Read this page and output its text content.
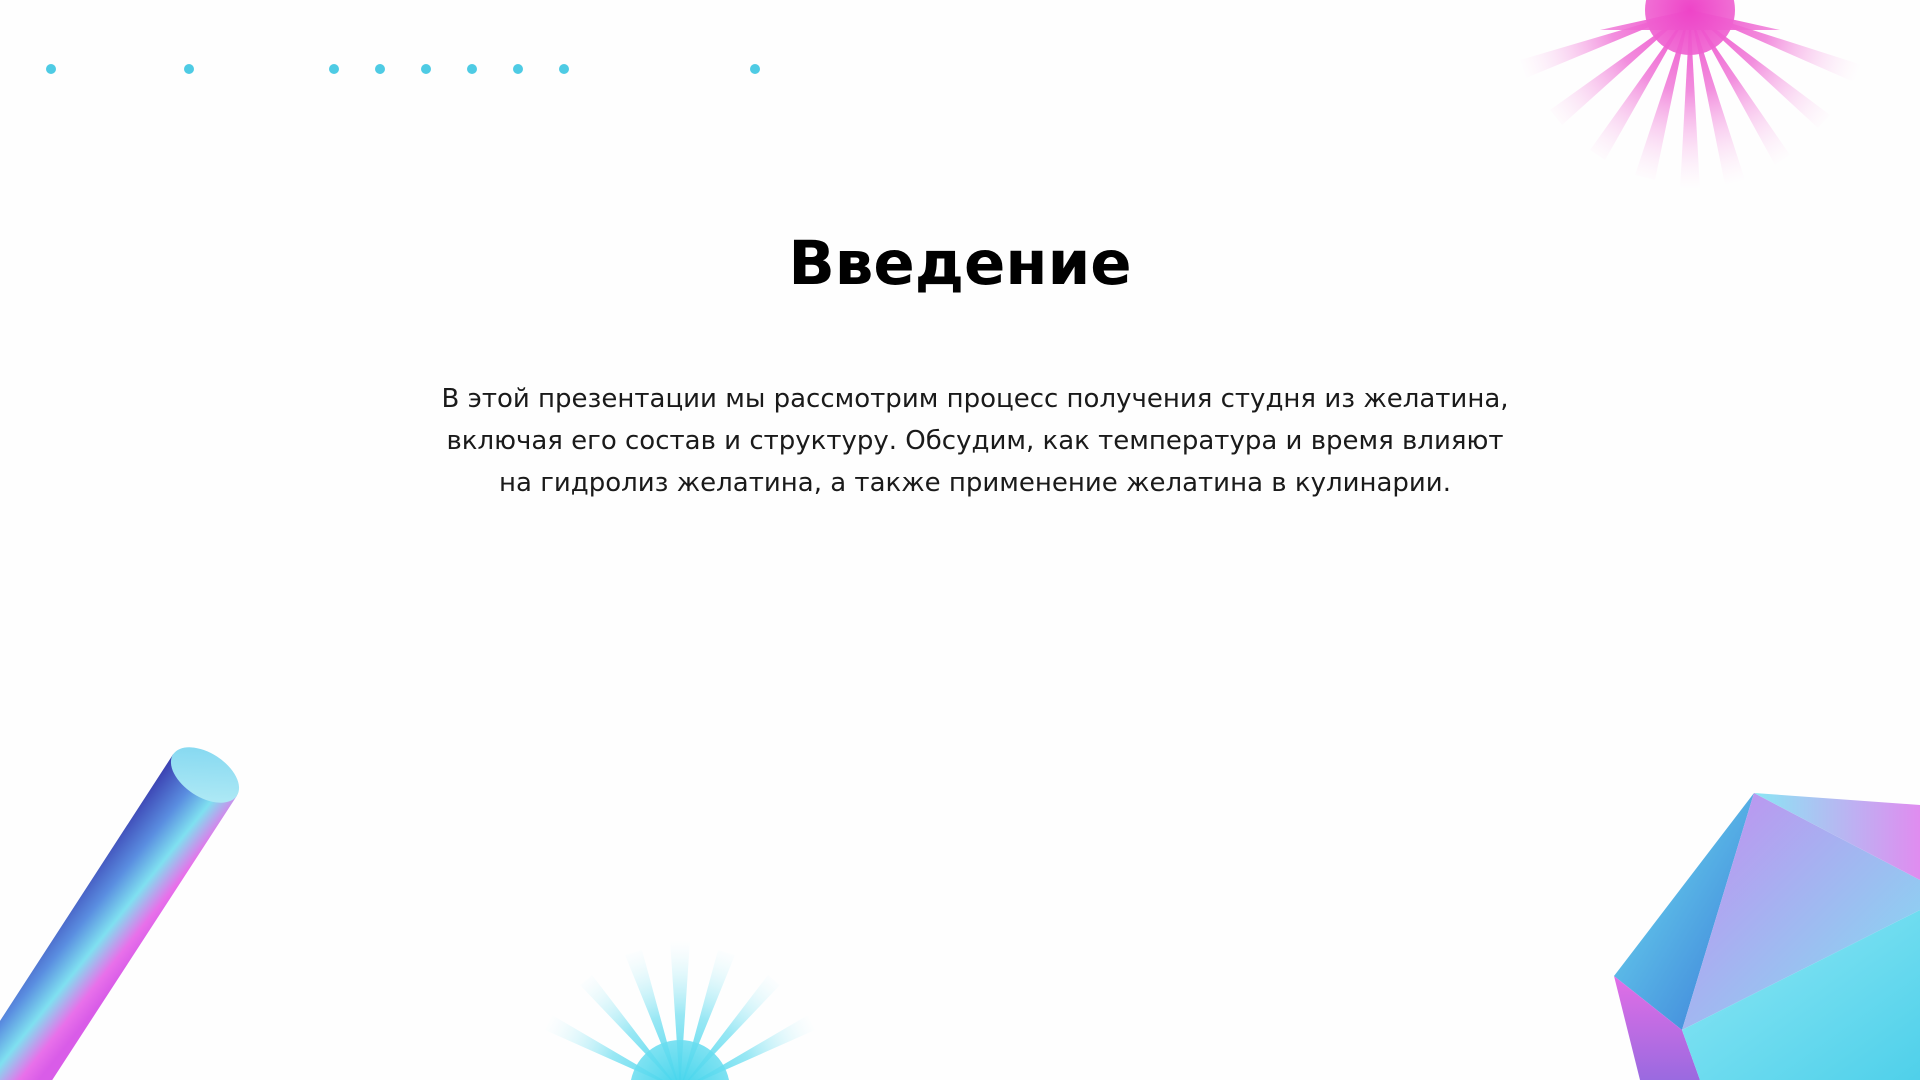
Введение

В этой презентации мы рассмотрим процесс получения студня из желатина, включая его состав и структуру. Обсудим, как температура и время влияют на гидролиз желатина, а также применение желатина в кулинарии.
